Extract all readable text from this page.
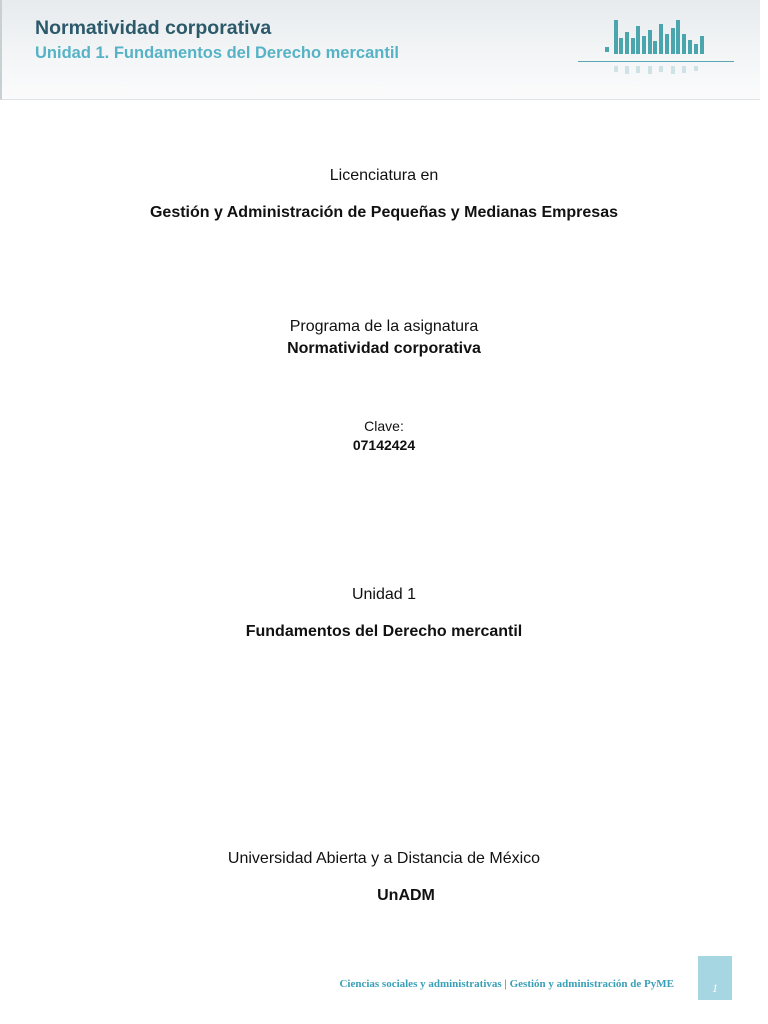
Normatividad corporativa
Unidad 1. Fundamentos del Derecho mercantil
Licenciatura en
Gestión y Administración de Pequeñas y Medianas Empresas
Programa de la asignatura
Normatividad corporativa
Clave:
07142424
Unidad 1
Fundamentos del Derecho mercantil
Universidad Abierta y a Distancia de México
UnADM
Ciencias sociales y administrativas | Gestión y administración de PyME	1
